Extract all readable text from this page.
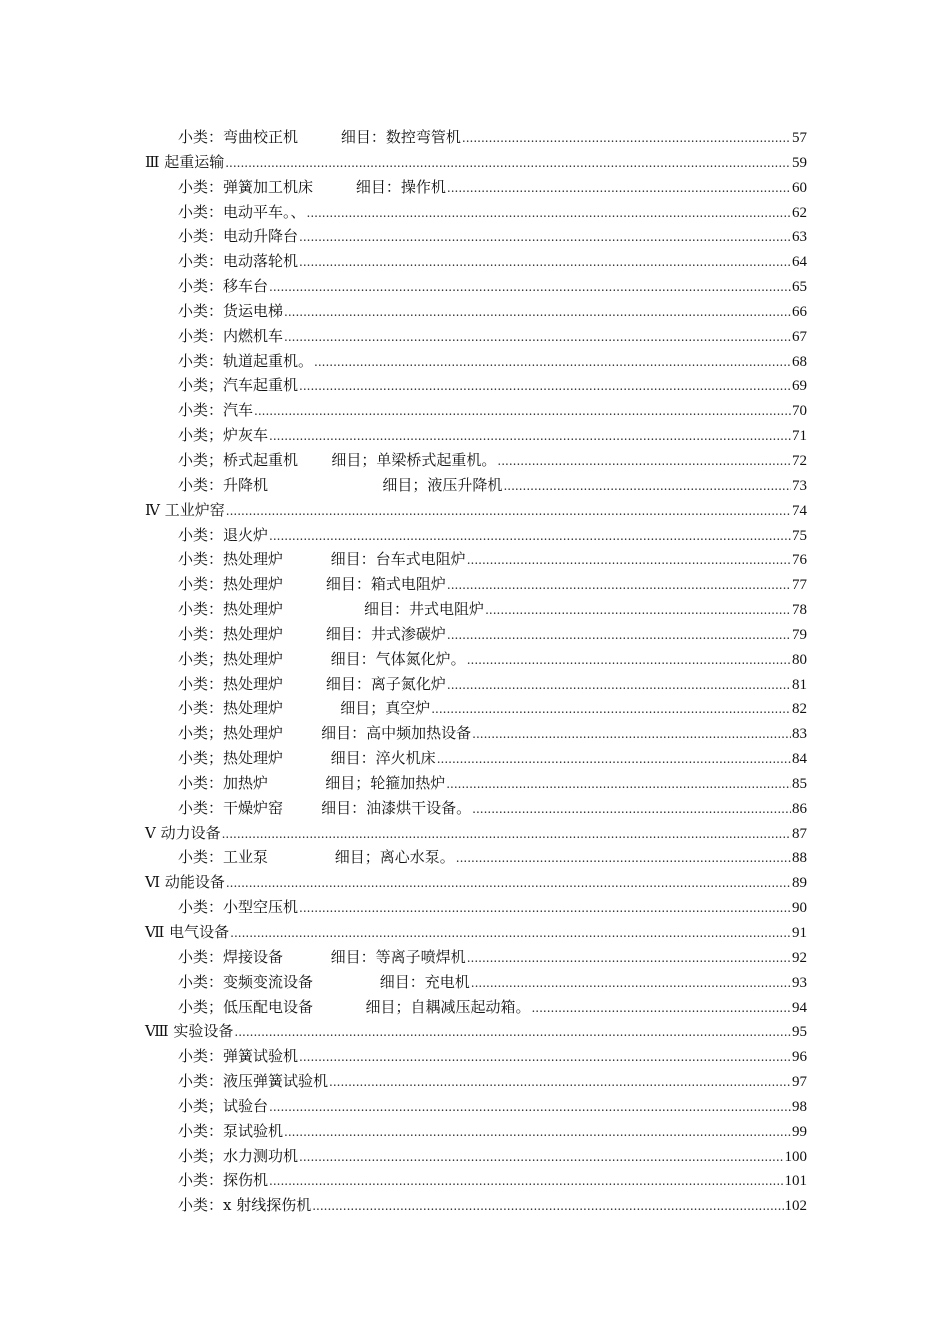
小类：弯曲校正机         细目：数控弯管机 .....	57
Ⅲ 起重运输 .....	59
小类：弹簧加工机床         细目：操作机 .....	60
小类：电动平车。、 .....	62
小类：电动升降台 .....	63
小类：电动落轮机 .....	64
小类：移车台 .....	65
小类：货运电梯 .....	66
小类：内燃机车 .....	67
小类：轨道起重机。 .....	68
小类；汽车起重机 .....	69
小类：汽车 .....	70
小类；炉灰车 .....	71
小类；桥式起重机       细目；单梁桥式起重机。 .....	72
小类：升降机                        细目；液压升降机 .....	73
Ⅳ 工业炉窑 .....	74
小类：退火炉 .....	75
小类：热处理炉          细目：台车式电阻炉 .....	76
小类：热处理炉         细目：箱式电阻炉 .....	77
小类：热处理炉                 细目：井式电阻炉 .....	78
小类：热处理炉         细目：井式渗碳炉 .....	79
小类；热处理炉          细目：气体氮化炉。 .....	80
小类：热处理炉         细目：离子氮化炉 .....	81
小类：热处理炉            细目；真空炉 .....	82
小类；热处理炉        细目：高中频加热设备 .....	83
小类；热处理炉          细目：淬火机床 .....	84
小类：加热炉            细目；轮箍加热炉 .....	85
小类：干燥炉窑        细目：油漆烘干设备。 .....	86
Ⅴ 动力设备 .....	87
小类：工业泵              细目；离心水泵。 .....	88
Ⅵ 动能设备 .....	89
小类：小型空压机 .....	90
Ⅶ 电气设备 .....	91
小类：焊接设备          细目：等离子喷焊机 .....	92
小类：变频变流设备              细目：充电机 .....	93
小类；低压配电设备           细目；自耦减压起动箱。 .....	94
Ⅷ 实验设备 .....	95
小类：弹簧试验机 .....	96
小类：液压弹簧试验机 .....	97
小类；试验台 .....	98
小类：泵试验机 .....	99
小类；水力测功机 .....	100
小类：探伤机 .....	101
小类：x 射线探伤机 .....	102
